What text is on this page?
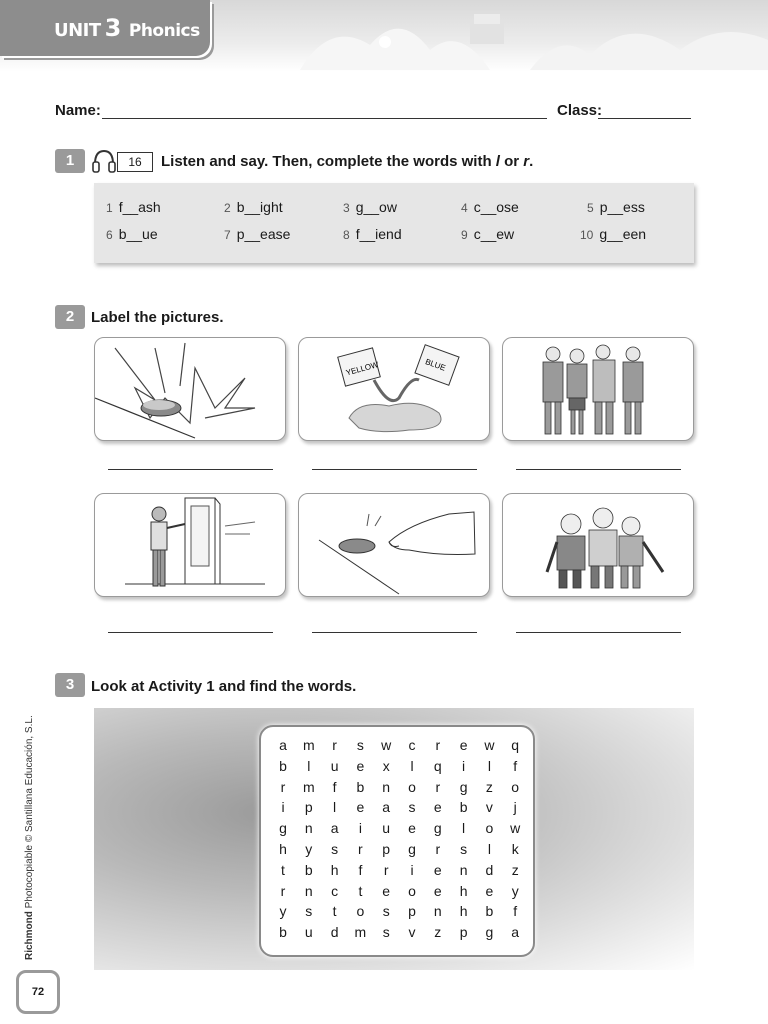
UNIT 3 Phonics
Name:	Class:
1	16	Listen and say. Then, complete the words with l or r.
1 f__ash	2 b__ight	3 g__ow	4 c__ose	5 p__ess
6 b__ue	7 p__ease	8 f__iend	9 c__ew	10 g__een
2	Label the pictures.
YELLOW	BLUE
3	Look at Activity 1 and find the words.
a	m	r	s	w	c	r	e	w	q
b	l	u	e	x	l	q	i	l	f
r	m	f	b	n	o	r	g	z	o
i	p	l	e	a	s	e	b	v	j
g	n	a	i	u	e	g	l	o	w
h	y	s	r	p	g	r	s	l	k
t	b	h	f	r	i	e	n	d	z
r	n	c	t	e	o	e	h	e	y
y	s	t	o	s	p	n	h	b	f
b	u	d	m	s	v	z	p	g	a
Richmond Photocopiable © Santillana Educación, S.L.
72
